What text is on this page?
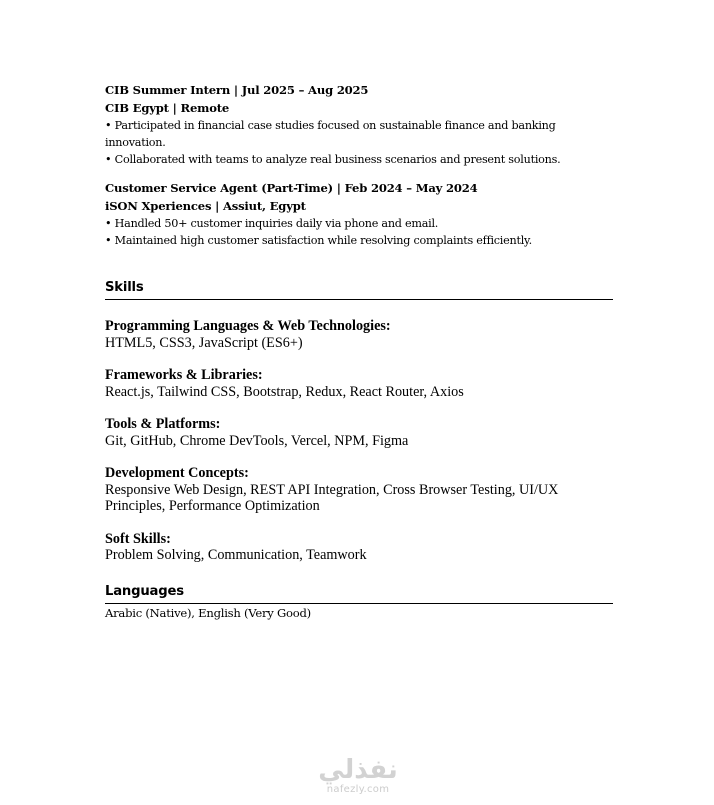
CIB Summer Intern | Jul 2025 – Aug 2025
CIB Egypt | Remote
• Participated in financial case studies focused on sustainable finance and banking innovation.
• Collaborated with teams to analyze real business scenarios and present solutions.
Customer Service Agent (Part-Time) | Feb 2024 – May 2024
iSON Xperiences | Assiut, Egypt
• Handled 50+ customer inquiries daily via phone and email.
• Maintained high customer satisfaction while resolving complaints efficiently.
Skills
Programming Languages & Web Technologies:
HTML5, CSS3, JavaScript (ES6+)
Frameworks & Libraries:
React.js, Tailwind CSS, Bootstrap, Redux, React Router, Axios
Tools & Platforms:
Git, GitHub, Chrome DevTools, Vercel, NPM, Figma
Development Concepts:
Responsive Web Design, REST API Integration, Cross Browser Testing, UI/UX Principles, Performance Optimization
Soft Skills:
Problem Solving, Communication, Teamwork
Languages
Arabic (Native), English (Very Good)
نفذلي
nafezly.com
